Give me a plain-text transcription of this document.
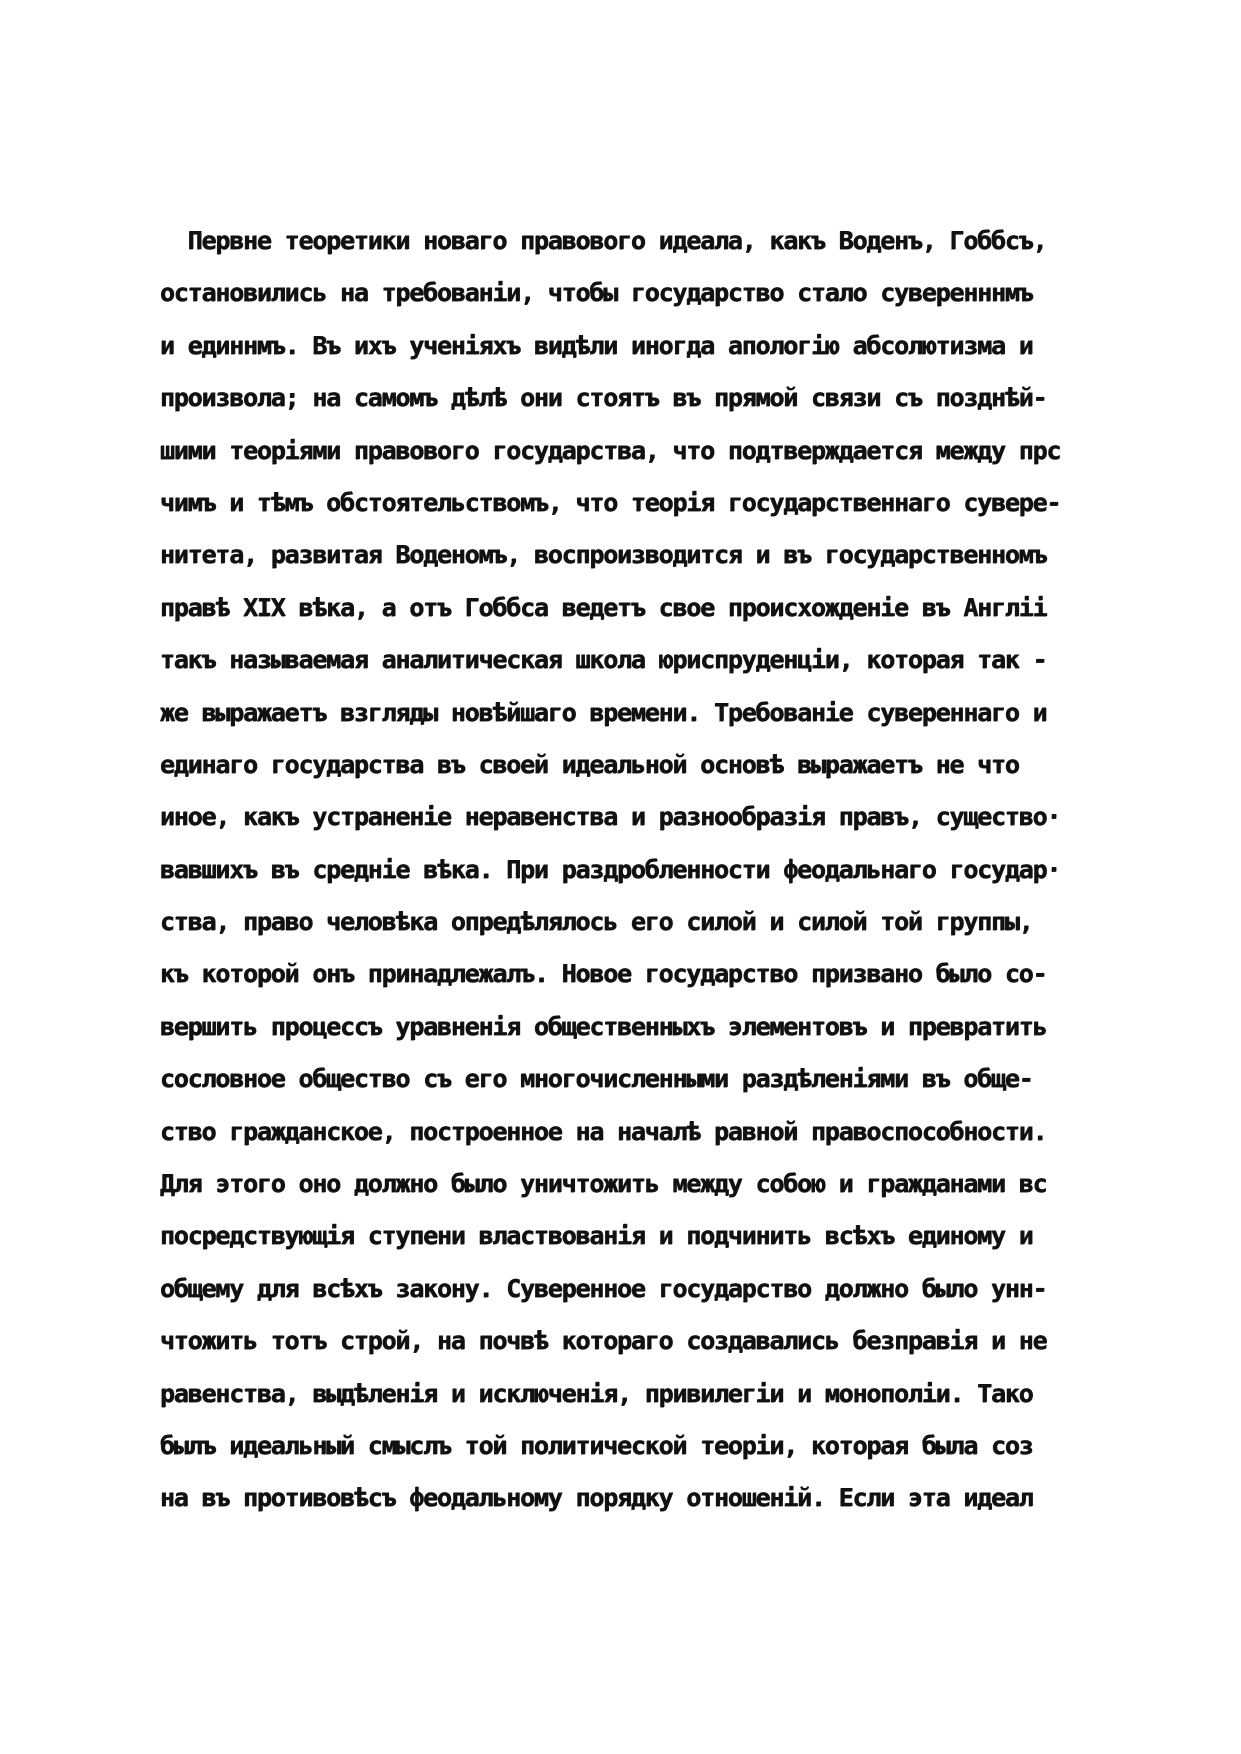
Первне теоретики новаго правового идеала, какъ Воденъ, Гоббсъ,
остановились на требованіи, чтобы государство стало суверенннмъ
и единнмъ. Въ ихъ ученіяхъ видѣли иногда апологію абсолютизма и
произвола; на самомъ дѣлѣ они стоятъ въ прямой связи съ позднѣй-
шими теоріями правового государства, что подтверждается между прс
чимъ и тѣмъ обстоятельствомъ, что теорія государственнаго сувере-
нитета, развитая Воденомъ, воспроизводится и въ государственномъ
правѣ XIX вѣка, а отъ Гоббса ведетъ свое происхожденіе въ Англіі
такъ называемая аналитическая школа юриспруденціи, которая так -
же выражаетъ взгляды новѣйшаго времени. Требованіе сувереннаго и
единаго государства въ своей идеальной основѣ выражаетъ не что
иное, какъ устраненіе неравенства и разнообразія правъ, существо·
вавшихъ въ средніе вѣка. При раздробленности феодальнаго государ·
ства, право человѣка опредѣлялось его силой и силой той группы,
къ которой онъ принадлежалъ. Новое государство призвано было со-
вершить процессъ уравненія общественныхъ элементовъ и превратить
сословное общество съ его многочисленными раздѣленіями въ обще-
ство гражданское, построенное на началѣ равной правоспособности.
Для этого оно должно было уничтожить между собою и гражданами вс
посредствующія ступени властвованія и подчинить всѣхъ единому и
общему для всѣхъ закону. Суверенное государство должно было унн-
чтожить тотъ строй, на почвѣ котораго создавались безправія и не
равенства, выдѣленія и исключенія, привилегіи и монополіи. Тако
былъ идеальный смыслъ той политической теоріи, которая была соз
на въ противовѣсъ феодальному порядку отношеній. Если эта идеал
